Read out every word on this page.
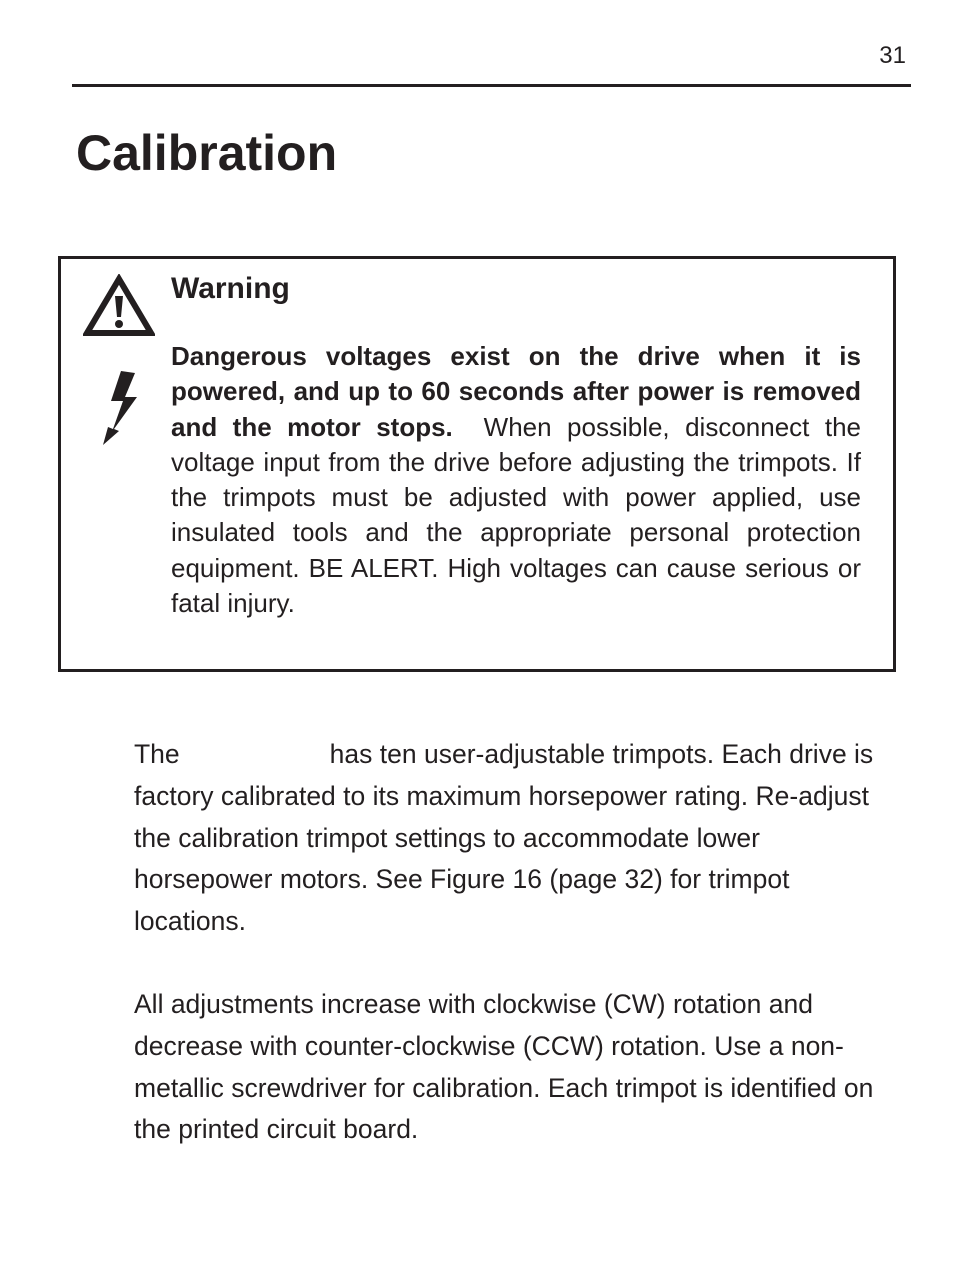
31
Calibration
Warning

Dangerous voltages exist on the drive when it is powered, and up to 60 seconds after power is removed and the motor stops. When possible, disconnect the voltage input from the drive before adjusting the trimpots. If the trimpots must be adjusted with power applied, use insulated tools and the appropriate personal protection equipment. BE ALERT. High voltages can cause serious or fatal injury.

The	has ten user-adjustable trimpots. Each drive is factory calibrated to its maximum horsepower rating. Re-adjust the calibration trimpot settings to accommodate lower horsepower motors. See Figure 16 (page 32) for trimpot locations.

All adjustments increase with clockwise (CW) rotation and decrease with counter-clockwise (CCW) rotation. Use a non-metallic screwdriver for calibration. Each trimpot is identified on the printed circuit board.
